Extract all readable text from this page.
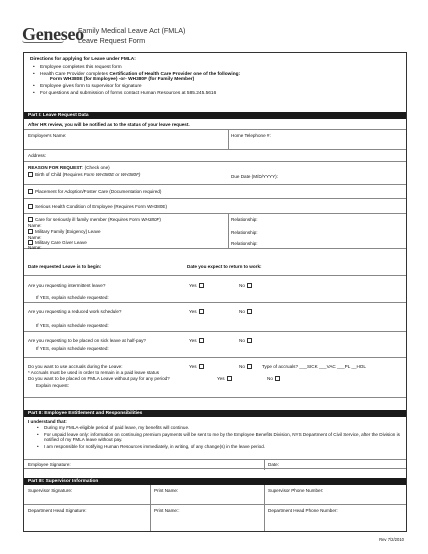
Geneseo
Family Medical Leave Act (FMLA)
Leave Request Form
Directions for applying for Leave under FMLA:
• Employee completes this request form
• Health Care Provider completes Certification of Health Care Provider one of the following:
Form WH380E (for Employee) -or- WH380F (for Family Member)
• Employee gives form to supervisor for signature
• For questions and submission of forms contact Human Resources at 585.245.5616
Part I: Leave Request Data
After HR review, you will be notified as to the status of your leave request.
Employee's Name:	Home Telephone #:
Address:
REASON FOR REQUEST: (Check one)
Birth of Child (Requires Form WH380E or WH380F)	Due Date (M/D/YYYY):
Placement for Adoption/Foster Care (Documentation required)
Serious Health Condition of Employee (Requires Form WH380E)
Care for seriously ill family member (Requires Form WH380F)	Relationship:
Name:
Military Family [Exigency] Leave	Relationship:
Name:
Military Care Giver Leave	Relationship:
Name:
Date requested Leave is to begin:	Date you expect to return to work:
Are you requesting intermittent leave?	Yes	No
If YES, explain schedule requested:
Are you requesting a reduced work schedule?	Yes	No
If YES, explain schedule requested:
Are you requesting to be placed on sick leave at half-pay?	Yes	No
If YES, explain schedule requested:
Do you want to use accruals during the Leave:	Yes	No	Type of accruals? ___SICK ___VAC ___PL __HOL
* Accruals must be used in order to remain in a paid leave status
Do you want to be placed on FMLA Leave without pay for any period?	Yes	No
Explain request:
Part II: Employee Entitlement and Responsibilities
I understand that:
• During my FMLA-eligible period of paid leave, my benefits will continue.
• For unpaid leave only: information on continuing premium payments will be sent to me by the Employee Benefits Division, NYS Department of Civil Service, after the Division is notified of my FMLA leave without pay.
• I am responsible for notifying Human Resources immediately, in writing, of any change(s) in the leave period.
Employee Signature:	Date:
Part III: Supervisor Information
Supervisor Signature:	Print Name:	Supervisor Phone Number:
Department Head Signature:	Print Name::	Department Head Phone Number:
Rev 7/2/2010
